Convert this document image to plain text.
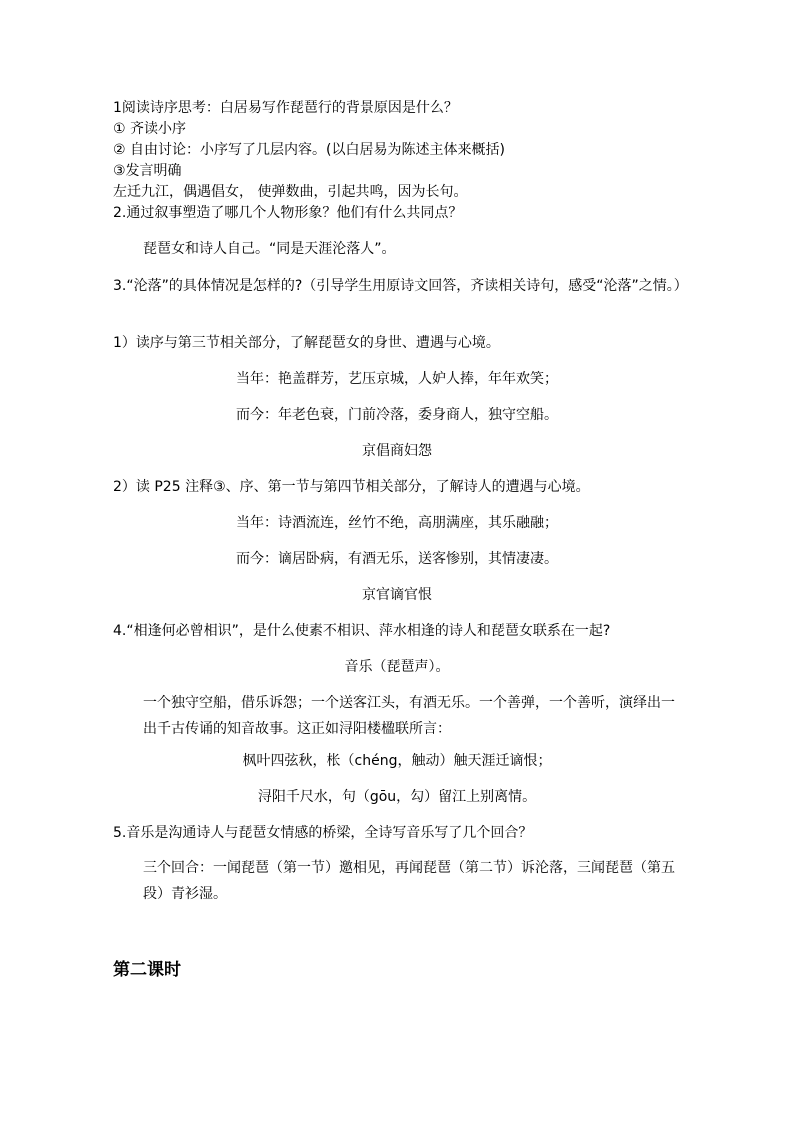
1阅读诗序思考：白居易写作琵琶行的背景原因是什么？
① 齐读小序
② 自由讨论：小序写了几层内容。(以白居易为陈述主体来概括)
③发言明确
左迁九江，偶遇倡女， 使弹数曲，引起共鸣，因为长句。
2.通过叙事塑造了哪几个人物形象？他们有什么共同点？
琵琶女和诗人自己。“同是天涯沦落人”。
3.“沦落”的具体情况是怎样的?（引导学生用原诗文回答，齐读相关诗句，感受“沦落”之情。）
1）读序与第三节相关部分，了解琵琶女的身世、遭遇与心境。
当年：艳盖群芳，艺压京城，人妒人捧，年年欢笑；
而今：年老色衰，门前冷落，委身商人，独守空船。
京倡商妇怨
2）读 P25 注释③、序、第一节与第四节相关部分，了解诗人的遭遇与心境。
当年：诗酒流连，丝竹不绝，高朋满座，其乐融融；
而今：谪居卧病，有酒无乐，送客惨别，其情凄凄。
京官谪官恨
4.“相逢何必曾相识”，是什么使素不相识、萍水相逢的诗人和琵琶女联系在一起?
音乐（琵琶声）。
一个独守空船，借乐诉怨；一个送客江头，有酒无乐。一个善弹，一个善听，演绎出一出千古传诵的知音故事。这正如浔阳楼楹联所言：
枫叶四弦秋，枨（chéng，触动）触天涯迁谪恨；
浔阳千尺水，句（gōu，勾）留江上别离情。
5.音乐是沟通诗人与琵琶女情感的桥梁，全诗写音乐写了几个回合？
三个回合：一闻琵琶（第一节）邀相见，再闻琵琶（第二节）诉沦落，三闻琵琶（第五段）青衫湿。
第二课时
